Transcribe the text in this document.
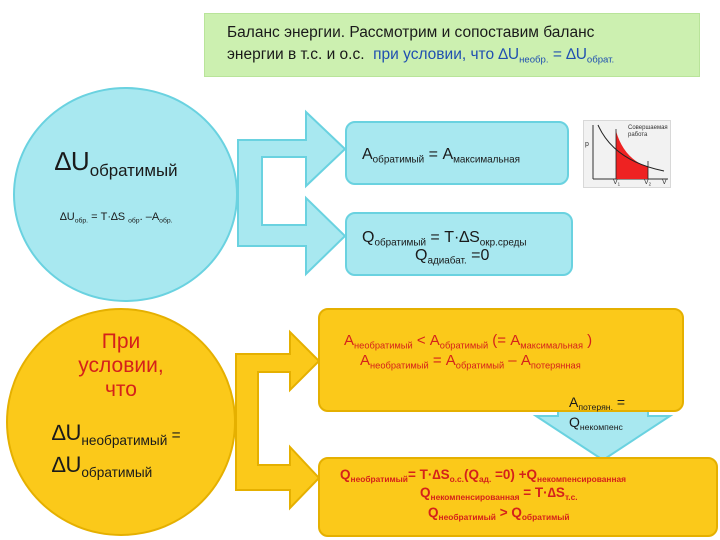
Баланс энергии. Рассмотрим и сопоставим баланс
энергии в т.с. и о.с. при условии, что $\Delta U_{необр.} = \Delta U_{обрат.}$
$\Delta U_{обратимый}$
$\Delta U_{обр.} = T\cdot\Delta S$ $_{обр}$. $-A_{обр.}$
$A_{обратимый} = A_{максимальная}$
$Q_{обратимый} = T\cdot\Delta S_{окр.среды}$
$Q_{адиабат.} =0$
Совершаемая работа
p
V
$V_1$	$V_2$
При
условии,
что
$\Delta U_{необратимый}$ =
$\Delta U_{обратимый}$
$A_{необратимый} < A_{обратимый}$ (= $A_{максимальная}$ )
$A_{необратимый} = A_{обратимый} - A_{потерянная}$
$A_{потерян.}$ =
$Q_{некомпенс}$
$Q_{необратимый}= T\cdot\Delta S_{о.с.}(Q_{ад.} =0) +Q_{некомпенсированная}$
$Q_{некомпенсированная} = T\cdot\Delta S_{т.с.}$
$Q_{необратимый} > Q_{обратимый}$
